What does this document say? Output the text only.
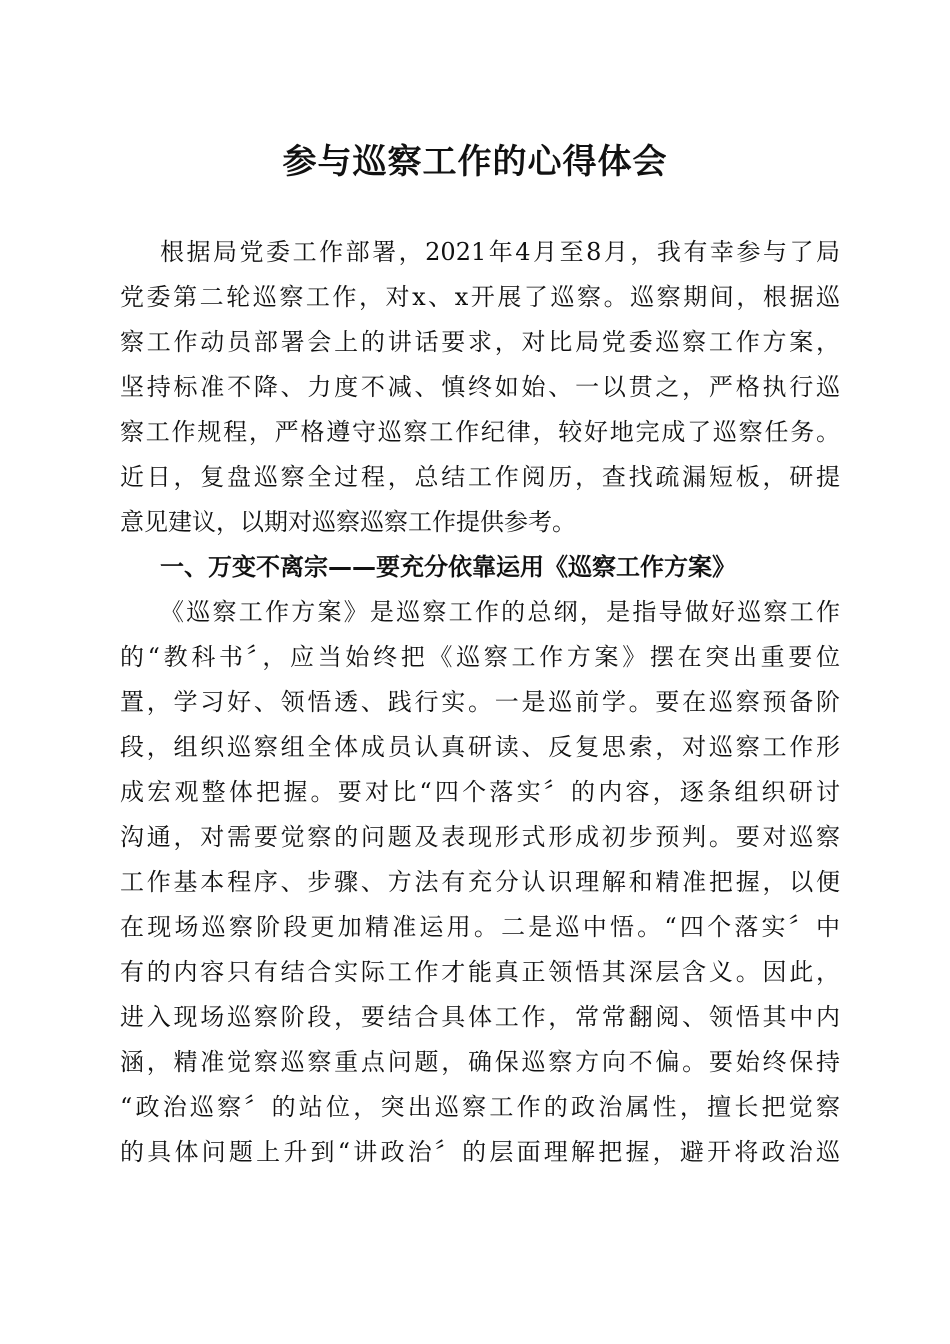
参与巡察工作的心得体会
根据局党委工作部署，2021年4月至8月，我有幸参与了局
党委第二轮巡察工作，对x、x开展了巡察。巡察期间，根据巡
察工作动员部署会上的讲话要求，对比局党委巡察工作方案，
坚持标准不降、力度不减、慎终如始、一以贯之，严格执行巡
察工作规程，严格遵守巡察工作纪律，较好地完成了巡察任务。
近日，复盘巡察全过程，总结工作阅历，查找疏漏短板，研提
意见建议，以期对巡察巡察工作提供参考。
一、万变不离宗——要充分依靠运用《巡察工作方案》
《巡察工作方案》是巡察工作的总纲，是指导做好巡察工作
的“教科书〞，应当始终把《巡察工作方案》摆在突出重要位
置，学习好、领悟透、践行实。一是巡前学。要在巡察预备阶
段，组织巡察组全体成员认真研读、反复思索，对巡察工作形
成宏观整体把握。要对比“四个落实〞的内容，逐条组织研讨
沟通，对需要觉察的问题及表现形式形成初步预判。要对巡察
工作基本程序、步骤、方法有充分认识理解和精准把握，以便
在现场巡察阶段更加精准运用。二是巡中悟。“四个落实〞中
有的内容只有结合实际工作才能真正领悟其深层含义。因此，
进入现场巡察阶段，要结合具体工作，常常翻阅、领悟其中内
涵，精准觉察巡察重点问题，确保巡察方向不偏。要始终保持
“政治巡察〞的站位，突出巡察工作的政治属性，擅长把觉察
的具体问题上升到“讲政治〞的层面理解把握，避开将政治巡
